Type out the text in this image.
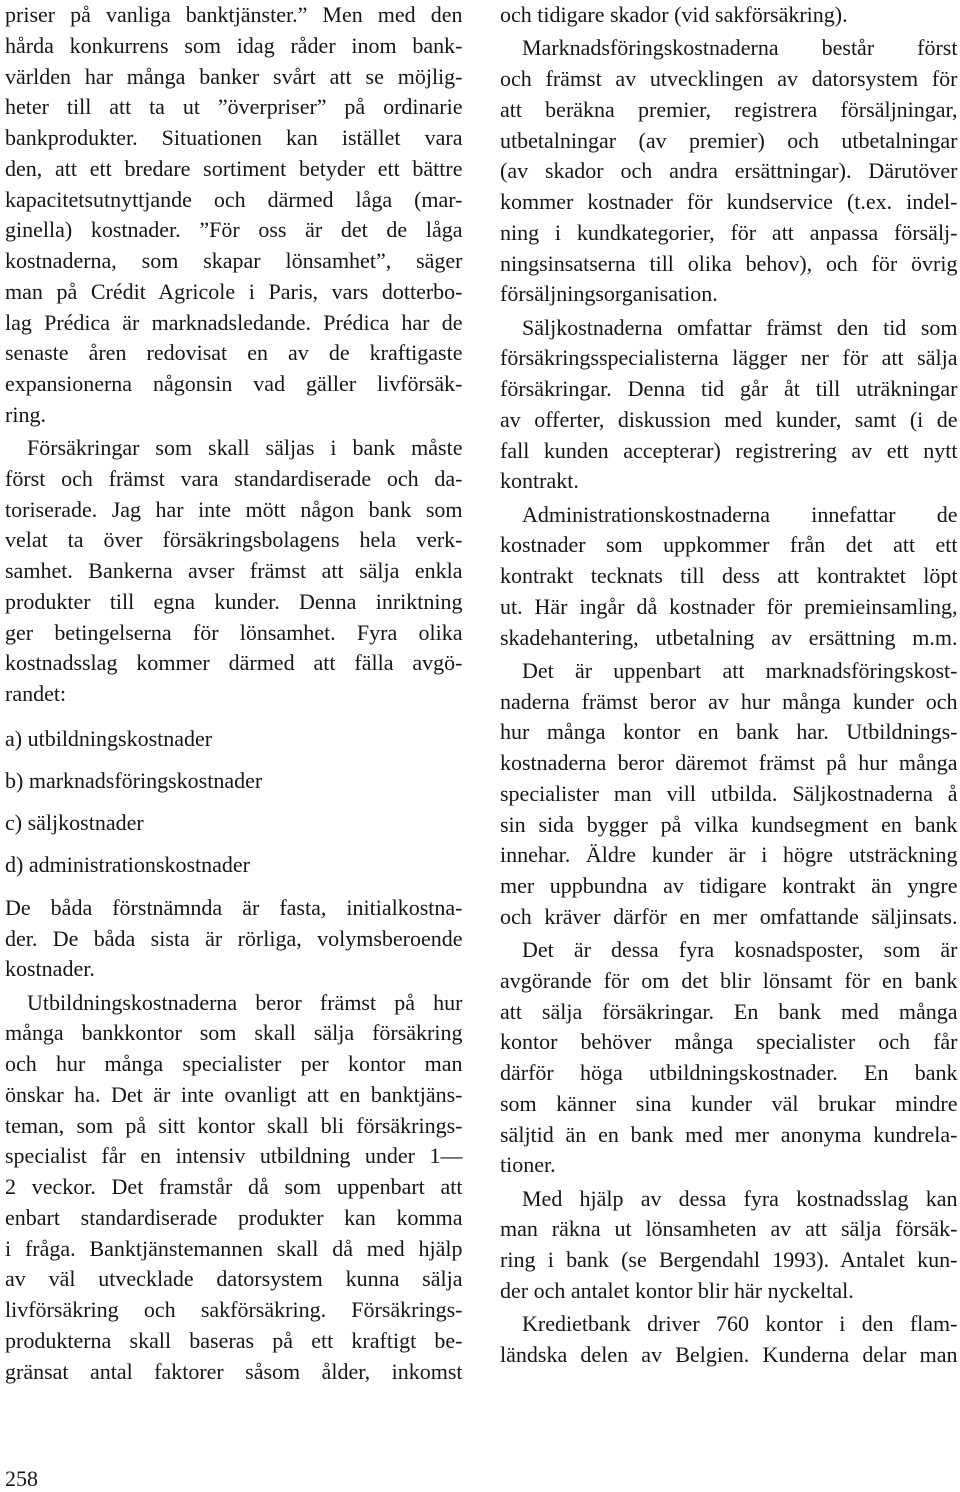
priser på vanliga banktjänster.” Men med den
hårda konkurrens som idag råder inom bank-
världen har många banker svårt att se möjlig-
heter till att ta ut ”överpriser” på ordinarie
bankprodukter. Situationen kan istället vara
den, att ett bredare sortiment betyder ett bättre
kapacitetsutnyttjande och därmed låga (mar-
ginella) kostnader. ”För oss är det de låga
kostnaderna, som skapar lönsamhet”, säger
man på Crédit Agricole i Paris, vars dotterbo-
lag Prédica är marknadsledande. Prédica har de
senaste åren redovisat en av de kraftigaste
expansionerna någonsin vad gäller livförsäk-
ring.
Försäkringar som skall säljas i bank måste
först och främst vara standardiserade och da-
toriserade. Jag har inte mött någon bank som
velat ta över försäkringsbolagens hela verk-
samhet. Bankerna avser främst att sälja enkla
produkter till egna kunder. Denna inriktning
ger betingelserna för lönsamhet. Fyra olika
kostnadsslag kommer därmed att fälla avgö-
randet:
a) utbildningskostnader
b) marknadsföringskostnader
c) säljkostnader
d) administrationskostnader
De båda förstnämnda är fasta, initialkostna-
der. De båda sista är rörliga, volymsberoende
kostnader.
Utbildningskostnaderna beror främst på hur
många bankkontor som skall sälja försäkring
och hur många specialister per kontor man
önskar ha. Det är inte ovanligt att en banktjäns-
teman, som på sitt kontor skall bli försäkrings-
specialist får en intensiv utbildning under 1—
2 veckor. Det framstår då som uppenbart att
enbart standardiserade produkter kan komma
i fråga. Banktjänstemannen skall då med hjälp
av väl utvecklade datorsystem kunna sälja
livförsäkring och sakförsäkring. Försäkrings-
produkterna skall baseras på ett kraftigt be-
gränsat antal faktorer såsom ålder, inkomst
och tidigare skador (vid sakförsäkring).
Marknadsföringskostnaderna består först
och främst av utvecklingen av datorsystem för
att beräkna premier, registrera försäljningar,
utbetalningar (av premier) och utbetalningar
(av skador och andra ersättningar). Därutöver
kommer kostnader för kundservice (t.ex. indel-
ning i kundkategorier, för att anpassa försälj-
ningsinsatserna till olika behov), och för övrig
försäljningsorganisation.
Säljkostnaderna omfattar främst den tid som
försäkringsspecialisterna lägger ner för att sälja
försäkringar. Denna tid går åt till uträkningar
av offerter, diskussion med kunder, samt (i de
fall kunden accepterar) registrering av ett nytt
kontrakt.
Administrationskostnaderna innefattar de
kostnader som uppkommer från det att ett
kontrakt tecknats till dess att kontraktet löpt
ut. Här ingår då kostnader för premieinsamling,
skadehantering, utbetalning av ersättning m.m.
Det är uppenbart att marknadsföringskost-
naderna främst beror av hur många kunder och
hur många kontor en bank har. Utbildnings-
kostnaderna beror däremot främst på hur många
specialister man vill utbilda. Säljkostnaderna å
sin sida bygger på vilka kundsegment en bank
innehar. Äldre kunder är i högre utsträckning
mer uppbundna av tidigare kontrakt än yngre
och kräver därför en mer omfattande säljinsats.
Det är dessa fyra kosnadsposter, som är
avgörande för om det blir lönsamt för en bank
att sälja försäkringar. En bank med många
kontor behöver många specialister och får
därför höga utbildningskostnader. En bank
som känner sina kunder väl brukar mindre
säljtid än en bank med mer anonyma kundrela-
tioner.
Med hjälp av dessa fyra kostnadsslag kan
man räkna ut lönsamheten av att sälja försäk-
ring i bank (se Bergendahl 1993). Antalet kun-
der och antalet kontor blir här nyckeltal.
Kredietbank driver 760 kontor i den flam-
ländska delen av Belgien. Kunderna delar man
258
